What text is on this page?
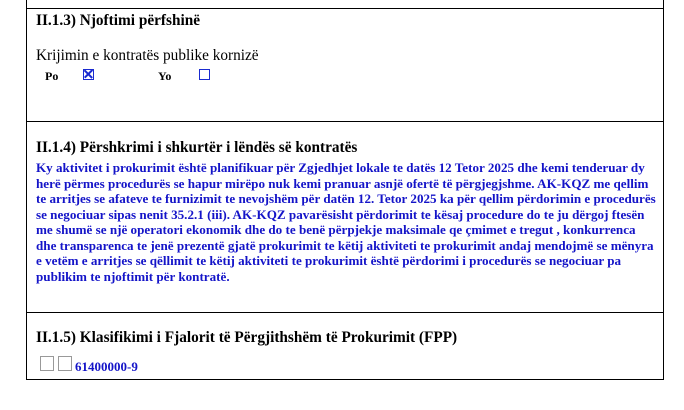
II.1.3) Njoftimi përfshinë
Krijimin e kontratës publike kornizë
Po	Yo
II.1.4) Përshkrimi i shkurtër i lëndës së kontratës

Ky aktivitet i prokurimit është planifikuar për Zgjedhjet lokale te datës 12 Tetor 2025 dhe kemi tenderuar dy herë përmes procedurës se hapur mirëpo nuk kemi pranuar asnjë ofertë të përgjegjshme. AK-KQZ me qellim te arritjes se afateve te furnizimit te nevojshëm për datën 12. Tetor 2025 ka për qellim përdorimin e procedurës se negociuar sipas nenit 35.2.1 (iii). AK-KQZ pavarësisht përdorimit te kësaj procedure do te ju dërgoj ftesën me shumë se një operatori ekonomik dhe do te benë përpjekje maksimale qe çmimet e tregut , konkurrenca dhe transparenca te jenë prezentë gjatë prokurimit te këtij aktiviteti te prokurimit andaj mendojmë se mënyra e vetëm e arritjes se qëllimit te këtij aktiviteti te prokurimit është përdorimi i procedurës se negociuar pa publikim te njoftimit për kontratë.

II.1.5) Klasifikimi i Fjalorit të Përgjithshëm të Prokurimit (FPP)
61400000-9
